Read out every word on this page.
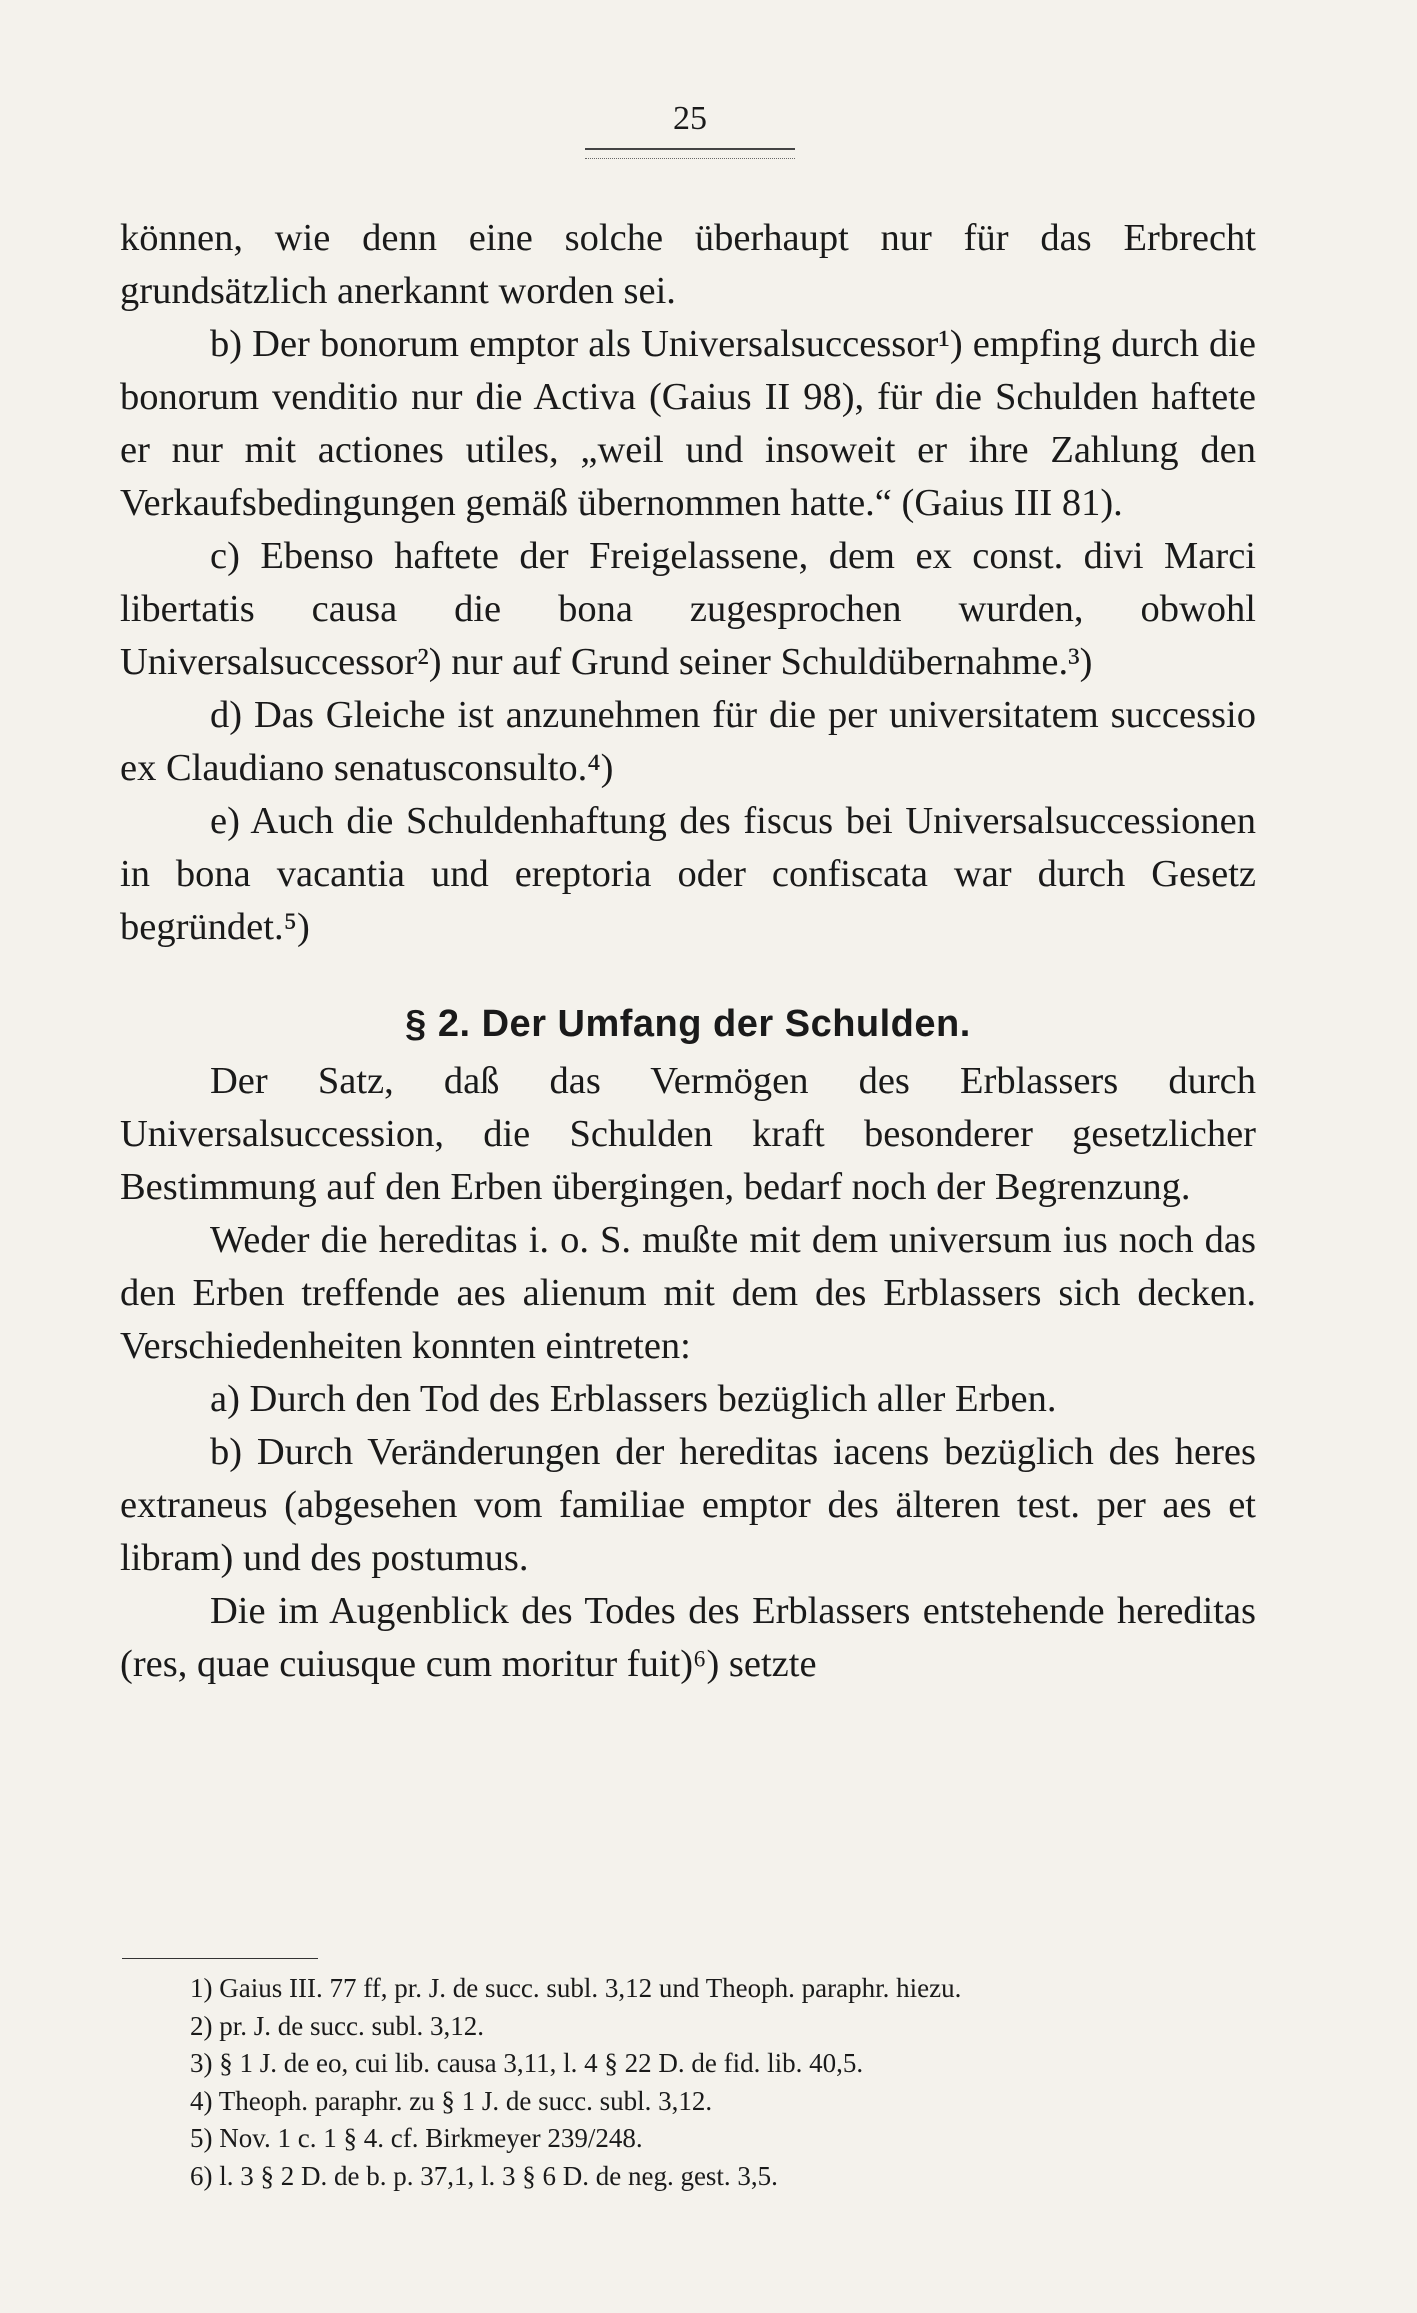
25

können, wie denn eine solche überhaupt nur für das Erbrecht grundsätzlich anerkannt worden sei.

b) Der bonorum emptor als Universalsuccessor¹) empfing durch die bonorum venditio nur die Activa (Gaius II 98), für die Schulden haftete er nur mit actiones utiles, „weil und insoweit er ihre Zahlung den Verkaufsbedingungen gemäß übernommen hatte.“ (Gaius III 81).

c) Ebenso haftete der Freigelassene, dem ex const. divi Marci libertatis causa die bona zugesprochen wurden, obwohl Universalsuccessor²) nur auf Grund seiner Schuldübernahme.³)

d) Das Gleiche ist anzunehmen für die per universitatem successio ex Claudiano senatusconsulto.⁴)

e) Auch die Schuldenhaftung des fiscus bei Universalsuccessionen in bona vacantia und ereptoria oder confiscata war durch Gesetz begründet.⁵)

§ 2. Der Umfang der Schulden.

Der Satz, daß das Vermögen des Erblassers durch Universalsuccession, die Schulden kraft besonderer gesetzlicher Bestimmung auf den Erben übergingen, bedarf noch der Begrenzung.

Weder die hereditas i. o. S. mußte mit dem universum ius noch das den Erben treffende aes alienum mit dem des Erblassers sich decken. Verschiedenheiten konnten eintreten:

a) Durch den Tod des Erblassers bezüglich aller Erben.

b) Durch Veränderungen der hereditas iacens bezüglich des heres extraneus (abgesehen vom familiae emptor des älteren test. per aes et libram) und des postumus.

Die im Augenblick des Todes des Erblassers entstehende hereditas (res, quae cuiusque cum moritur fuit)⁶) setzte

1) Gaius III. 77 ff, pr. J. de succ. subl. 3,12 und Theoph. paraphr. hiezu.
2) pr. J. de succ. subl. 3,12.
3) § 1 J. de eo, cui lib. causa 3,11, l. 4 § 22 D. de fid. lib. 40,5.
4) Theoph. paraphr. zu § 1 J. de succ. subl. 3,12.
5) Nov. 1 c. 1 § 4. cf. Birkmeyer 239/248.
6) l. 3 § 2 D. de b. p. 37,1, l. 3 § 6 D. de neg. gest. 3,5.
